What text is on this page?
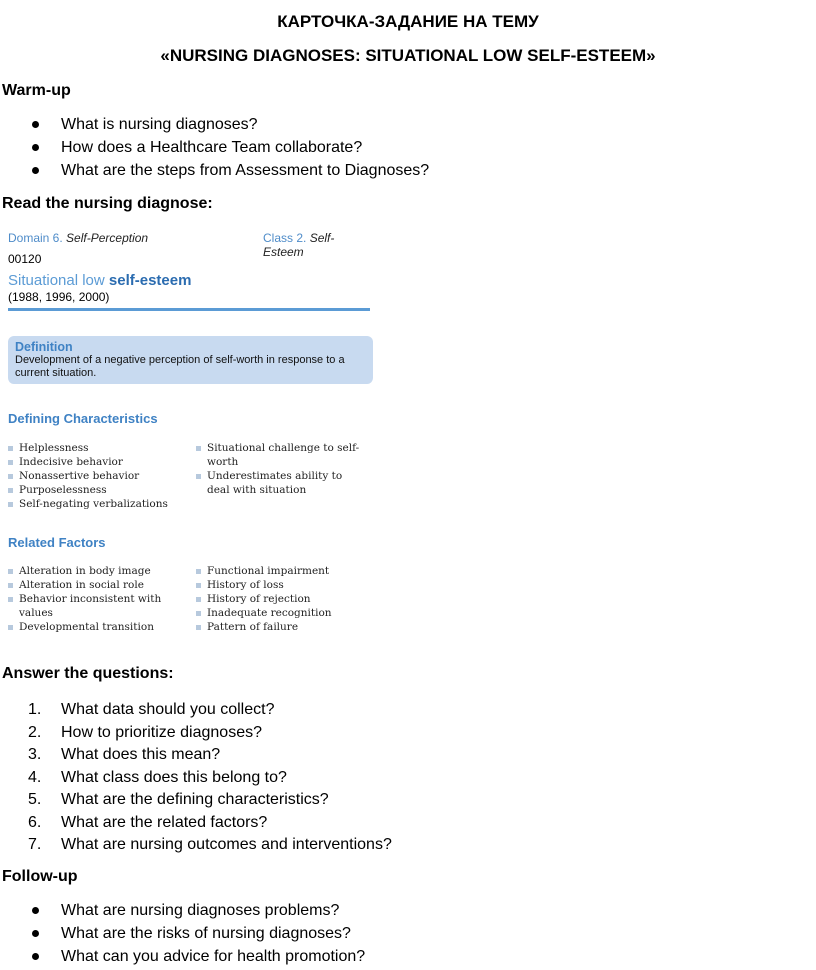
КАРТОЧКА-ЗАДАНИЕ НА ТЕМУ
«NURSING DIAGNOSES: SITUATIONAL LOW SELF-ESTEEM»
Warm-up
What is nursing diagnoses?
How does a Healthcare Team collaborate?
What are the steps from Assessment to Diagnoses?
Read the nursing diagnose:
Domain 6. Self-Perception	Class 2. Self-Esteem
00120
Situational low self-esteem
(1988, 1996, 2000)
Definition
Development of a negative perception of self-worth in response to a current situation.
Defining Characteristics
Helplessness
Indecisive behavior
Nonassertive behavior
Purposelessness
Self-negating verbalizations
Situational challenge to self-worth
Underestimates ability to deal with situation
Related Factors
Alteration in body image
Alteration in social role
Behavior inconsistent with values
Developmental transition
Functional impairment
History of loss
History of rejection
Inadequate recognition
Pattern of failure
Answer the questions:
1. What data should you collect?
2. How to prioritize diagnoses?
3. What does this mean?
4. What class does this belong to?
5. What are the defining characteristics?
6. What are the related factors?
7. What are nursing outcomes and interventions?
Follow-up
What are nursing diagnoses problems?
What are the risks of nursing diagnoses?
What can you advice for health promotion?
